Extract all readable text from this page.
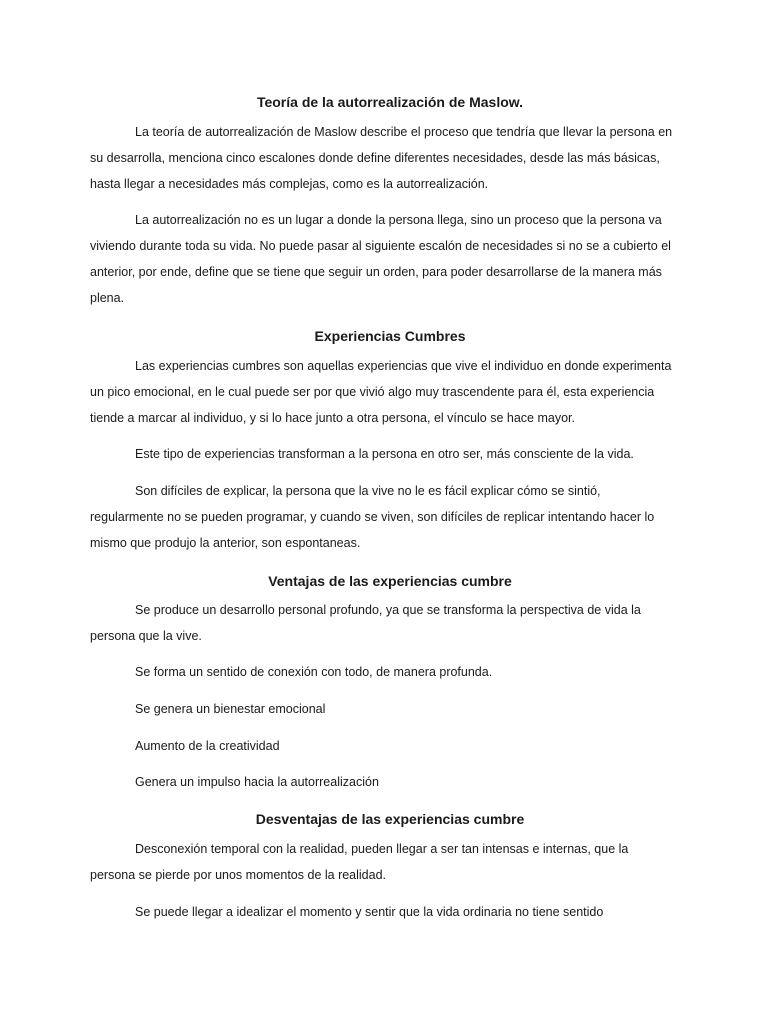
Teoría de la autorrealización de Maslow.

La teoría de autorrealización de Maslow describe el proceso que tendría que llevar la persona en
su desarrolla, menciona cinco escalones donde define diferentes necesidades, desde las más básicas,
hasta llegar a necesidades más complejas, como es la autorrealización.

La autorrealización no es un lugar a donde la persona llega, sino un proceso que la persona va
viviendo durante toda su vida. No puede pasar al siguiente escalón de necesidades si no se a cubierto el
anterior, por ende, define que se tiene que seguir un orden, para poder desarrollarse de la manera más
plena.

Experiencias Cumbres

Las experiencias cumbres son aquellas experiencias que vive el individuo en donde experimenta
un pico emocional, en le cual puede ser por que vivió algo muy trascendente para él, esta experiencia
tiende a marcar al individuo, y si lo hace junto a otra persona, el vínculo se hace mayor.

Este tipo de experiencias transforman a la persona en otro ser, más consciente de la vida.

Son difíciles de explicar, la persona que la vive no le es fácil explicar cómo se sintió,
regularmente no se pueden programar, y cuando se viven, son difíciles de replicar intentando hacer lo
mismo que produjo la anterior, son espontaneas.

Ventajas de las experiencias cumbre

Se produce un desarrollo personal profundo, ya que se transforma la perspectiva de vida la
persona que la vive.

Se forma un sentido de conexión con todo, de manera profunda.

Se genera un bienestar emocional

Aumento de la creatividad

Genera un impulso hacia la autorrealización

Desventajas de las experiencias cumbre

Desconexión temporal con la realidad, pueden llegar a ser tan intensas e internas, que la
persona se pierde por unos momentos de la realidad.

Se puede llegar a idealizar el momento y sentir que la vida ordinaria no tiene sentido
